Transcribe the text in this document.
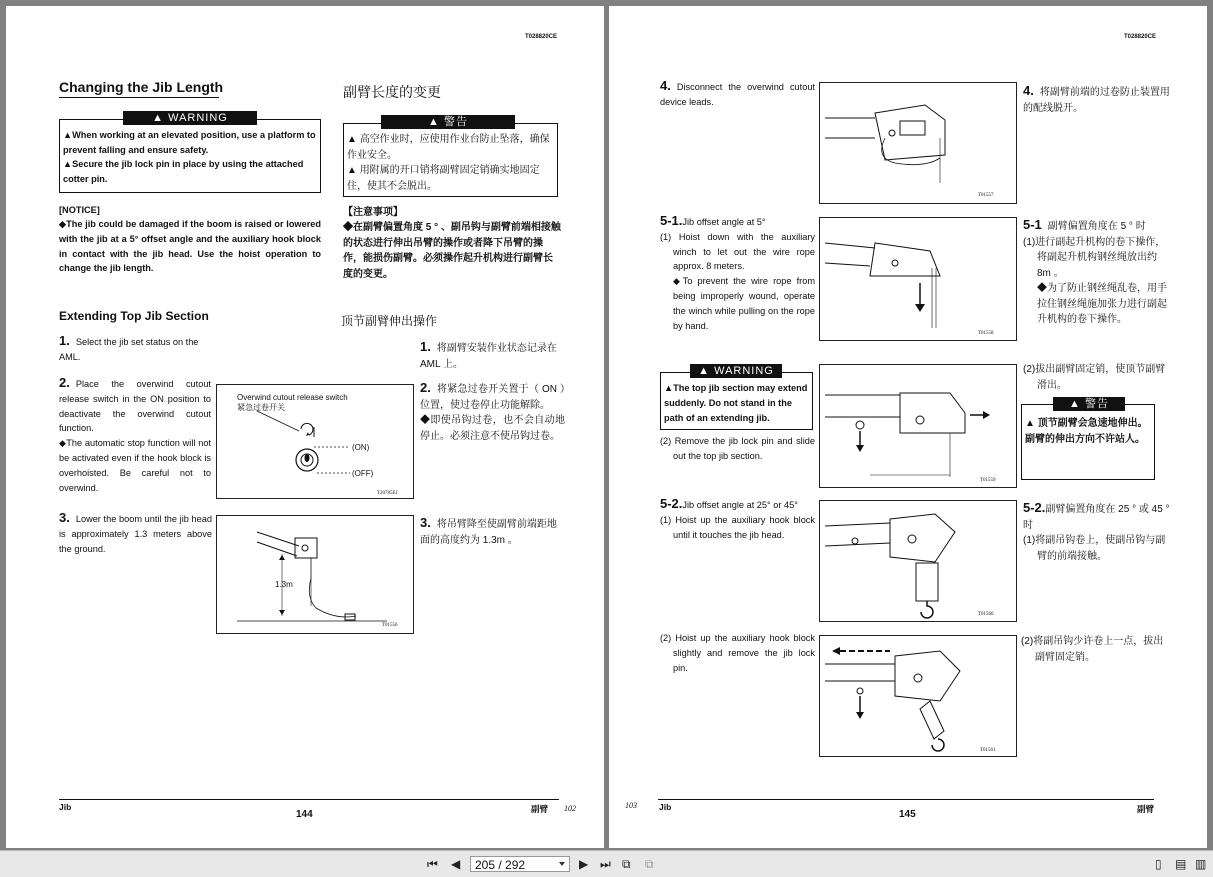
T028820CE
Changing the Jib Length	副臂长度的变更
▲ WARNING
▲When working at an elevated position, use a platform to prevent falling and ensure safety.
▲Secure the jib lock pin in place by using the attached cotter pin.
▲ 警告
▲ 高空作业时，应使用作业台防止坠落，确保作业安全。
▲ 用附属的开口销将副臂固定销确实地固定住，使其不会脱出。
[NOTICE]
◆The jib could be damaged if the boom is raised or lowered with the jib at a 5° offset angle and the auxiliary hook block in contact with the jib head. Use the hoist operation to change the jib length.
【注意事项】
◆在副臂偏置角度 5 ° 、副吊钩与副臂前端相接触的状态进行伸出吊臂的操作或者降下吊臂的操作，能损伤副臂。必须操作起升机构进行副臂长度的变更。
Extending Top Jib Section	顶节副臂伸出操作
1. Select the jib set status on the AML.
1. 将副臂安装作业状态记录在 AML 上。
2. Place the overwind cutout release switch in the ON position to deactivate the overwind cutout function.
◆The automatic stop function will not be activated even if the hook block is overhoisted. Be careful not to overwind.
Overwind cutout release switch
紧急过卷开关
(ON)
(OFF)
T20785EJ
2. 将紧急过卷开关置于（ ON ）位置，使过卷停止功能解除。
◆即使吊钩过卷，也不会自动地停止。必须注意不使吊钩过卷。
3. Lower the boom until the jib head is approximately 1.3 meters above the ground.
1.3m
T01556
3. 将吊臂降至使副臂前端距地面的高度约为 1.3m 。
Jib
144	副臂 102
T028820CE
4. Disconnect the overwind cutout device leads.
T01557
4. 将副臂前端的过卷防止装置用的配线脱开。
5-1.Jib offset angle at 5°
(1) Hoist down with the auxiliary winch to let out the wire rope approx. 8 meters.
◆To prevent the wire rope from being improperly wound, operate the winch while pulling on the rope by hand.
T01558
5-1 副臂偏置角度在 5 ° 时
(1)进行副起升机构的卷下操作，将副起升机构钢丝绳放出约 8m 。
◆为了防止钢丝绳乱卷，用手拉住钢丝绳施加张力进行副起升机构的卷下操作。
▲ WARNING
▲The top jib section may extend suddenly. Do not stand in the path of an extending jib.
(2) Remove the jib lock pin and slide out the top jib section.
T01559
(2)拔出副臂固定销，使顶节副臂滑出。
▲ 警告
▲ 顶节副臂会急速地伸出。副臂的伸出方向不许站人。
5-2.Jib offset angle at 25° or 45°
(1) Hoist up the auxiliary hook block until it touches the jib head.
T01560
5-2.副臂偏置角度在 25 ° 或 45 ° 时
(1)将副吊钩卷上，使副吊钩与副臂的前端接触。
(2) Hoist up the auxiliary hook block slightly and remove the jib lock pin.
T01561
(2)将副吊钩少许卷上一点，拔出副臂固定销。
103	Jib
145	副臂
⏮ ◀	205 / 292	▶ ⏭ ⧉ ⧉	▯ ▤ ▥
